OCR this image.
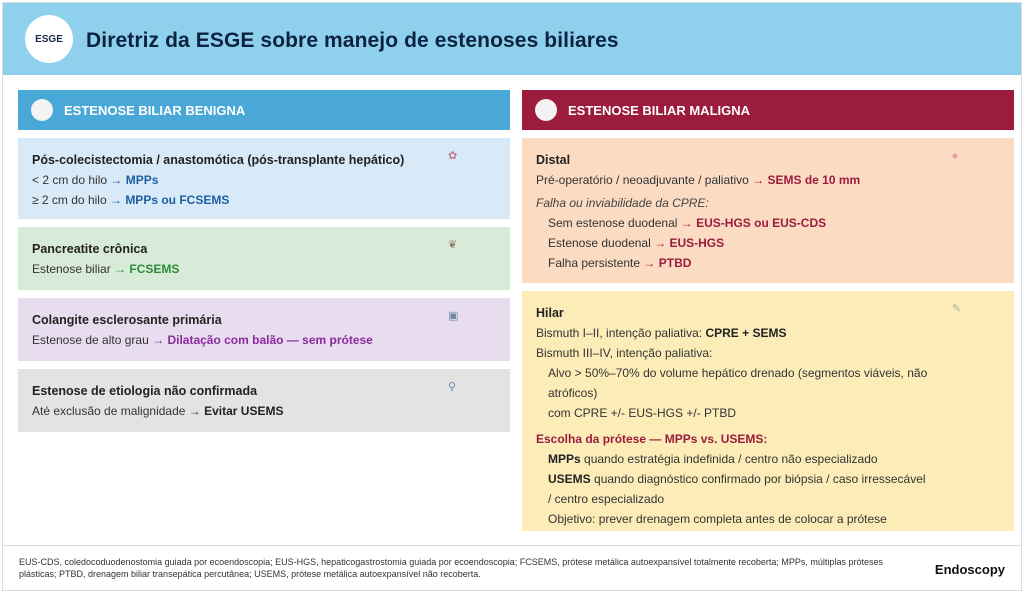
ESGE	Diretriz da ESGE sobre manejo de estenoses biliares
ESTENOSE BILIAR BENIGNA
Pós-colecistectomia / anastomótica (pós-transplante hepático)	✿
< 2 cm do hilo → MPPs
≥ 2 cm do hilo → MPPs ou FCSEMS
Pancreatite crônica	❦
Estenose biliar → FCSEMS
Colangite esclerosante primária	▣
Estenose de alto grau → Dilatação com balão — sem prótese
Estenose de etiologia não confirmada	⚲
Até exclusão de malignidade → Evitar USEMS
ESTENOSE BILIAR MALIGNA
Distal	♠
Pré-operatório / neoadjuvante / paliativo → SEMS de 10 mm
Falha ou inviabilidade da CPRE:
Sem estenose duodenal → EUS-HGS ou EUS-CDS
Estenose duodenal → EUS-HGS
Falha persistente → PTBD
Hilar	✎
Bismuth I–II, intenção paliativa: CPRE + SEMS
Bismuth III–IV, intenção paliativa:
Alvo > 50%–70% do volume hepático drenado (segmentos viáveis, não atróficos)
com CPRE +/- EUS-HGS +/- PTBD
Escolha da prótese — MPPs vs. USEMS:
MPPs quando estratégia indefinida / centro não especializado
USEMS quando diagnóstico confirmado por biópsia / caso irressecável / centro especializado
Objetivo: prever drenagem completa antes de colocar a prótese
EUS-CDS, coledocoduodenostomia guiada por ecoendoscopia; EUS-HGS, hepaticogastrostomia guiada por ecoendoscopia; FCSEMS, prótese metálica autoexpansível totalmente recoberta; MPPs, múltiplas próteses plásticas; PTBD, drenagem biliar transepática percutânea; USEMS, prótese metálica autoexpansível não recoberta.	Endoscopy
